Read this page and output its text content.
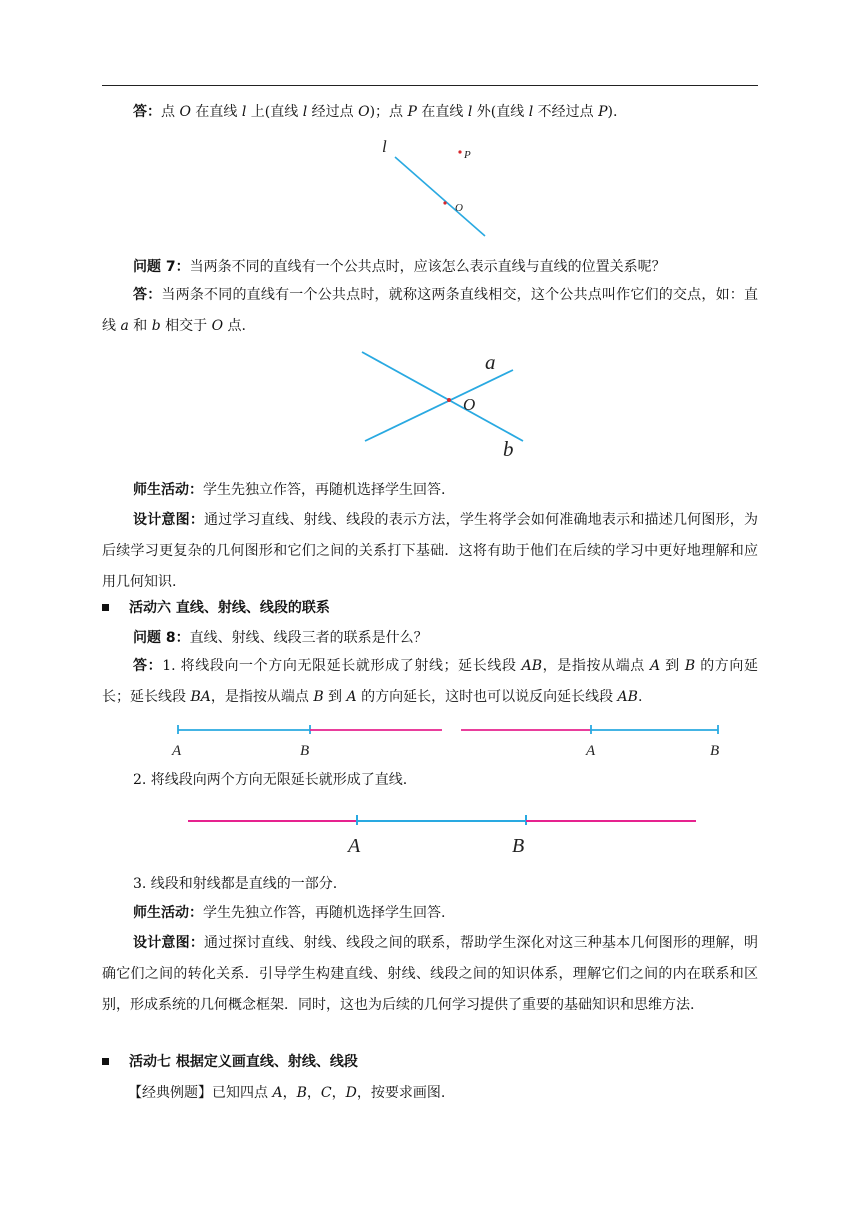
答：点 O 在直线 l 上(直线 l 经过点 O)；点 P 在直线 l 外(直线 l 不经过点 P).
l	P
O
问题 7：当两条不同的直线有一个公共点时，应该怎么表示直线与直线的位置关系呢？
答：当两条不同的直线有一个公共点时，就称这两条直线相交，这个公共点叫作它们的交点，如：直线 a 和 b 相交于 O 点.
a
O
b
师生活动：学生先独立作答，再随机选择学生回答.
设计意图：通过学习直线、射线、线段的表示方法，学生将学会如何准确地表示和描述几何图形，为后续学习更复杂的几何图形和它们之间的关系打下基础．这将有助于他们在后续的学习中更好地理解和应用几何知识.
活动六 直线、射线、线段的联系
问题 8：直线、射线、线段三者的联系是什么？
答：1. 将线段向一个方向无限延长就形成了射线；延长线段 AB，是指按从端点 A 到 B 的方向延长；延长线段 BA，是指按从端点 B 到 A 的方向延长，这时也可以说反向延长线段 AB.
A	B	A	B
2. 将线段向两个方向无限延长就形成了直线.
A	B
3. 线段和射线都是直线的一部分.
师生活动：学生先独立作答，再随机选择学生回答.
设计意图：通过探讨直线、射线、线段之间的联系，帮助学生深化对这三种基本几何图形的理解，明确它们之间的转化关系．引导学生构建直线、射线、线段之间的知识体系，理解它们之间的内在联系和区别，形成系统的几何概念框架．同时，这也为后续的几何学习提供了重要的基础知识和思维方法.
活动七 根据定义画直线、射线、线段
【经典例题】已知四点 A，B，C，D，按要求画图.
